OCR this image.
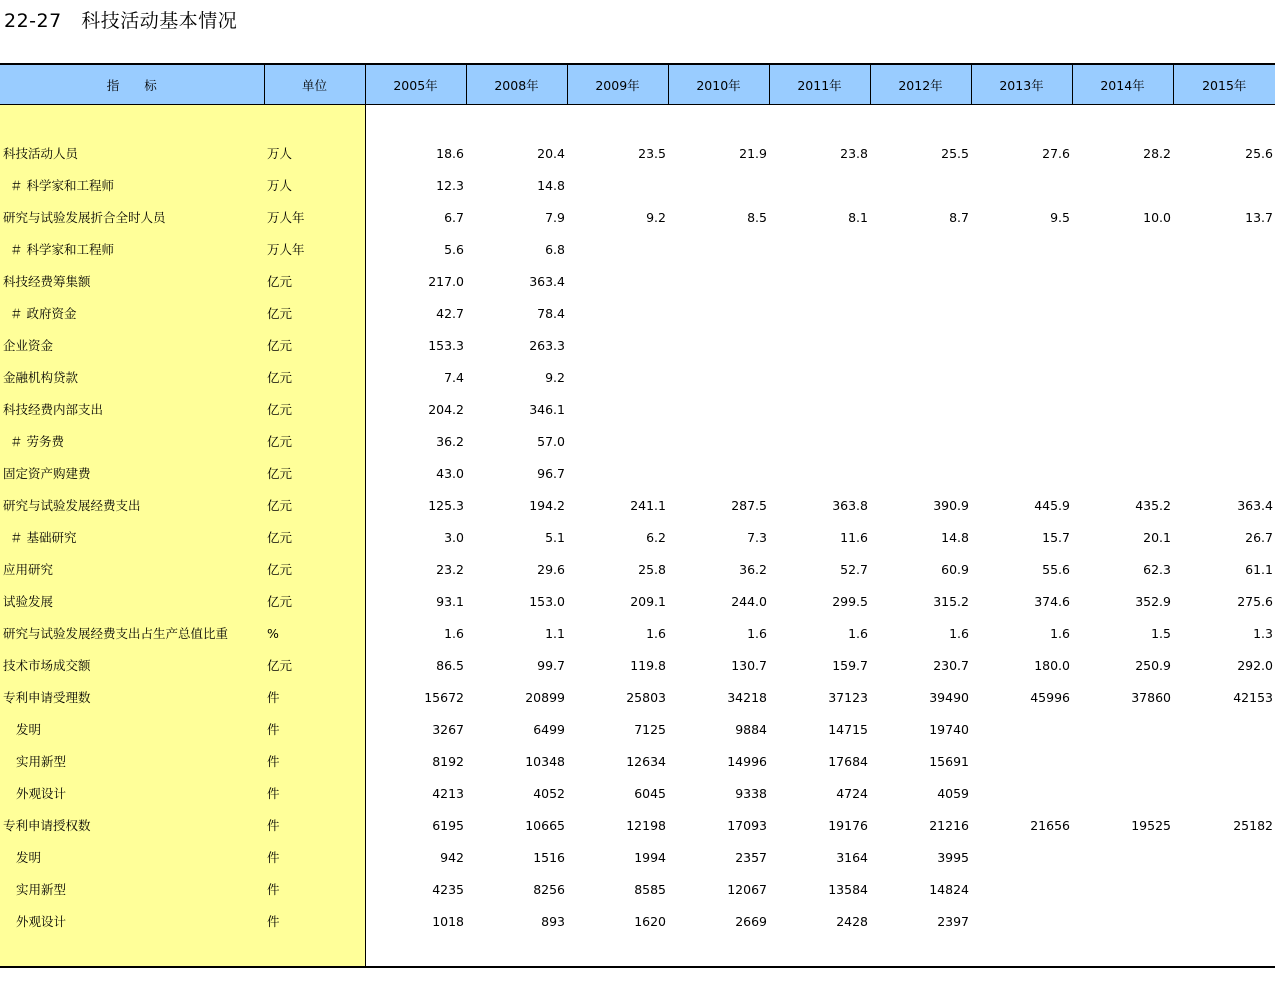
22-27　科技活动基本情况
指　　标	单位	2005年	2008年	2009年	2010年	2011年	2012年	2013年	2014年	2015年

科技活动人员	万人	18.6	20.4	23.5	21.9	23.8	25.5	27.6	28.2	25.6
＃ 科学家和工程师	万人	12.3	14.8							
研究与试验发展折合全时人员	万人年	6.7	7.9	9.2	8.5	8.1	8.7	9.5	10.0	13.7
＃ 科学家和工程师	万人年	5.6	6.8							
科技经费筹集额	亿元	217.0	363.4							
＃ 政府资金	亿元	42.7	78.4							
企业资金	亿元	153.3	263.3							
金融机构贷款	亿元	7.4	9.2							
科技经费内部支出	亿元	204.2	346.1							
＃ 劳务费	亿元	36.2	57.0							
固定资产购建费	亿元	43.0	96.7							
研究与试验发展经费支出	亿元	125.3	194.2	241.1	287.5	363.8	390.9	445.9	435.2	363.4
＃ 基础研究	亿元	3.0	5.1	6.2	7.3	11.6	14.8	15.7	20.1	26.7
应用研究	亿元	23.2	29.6	25.8	36.2	52.7	60.9	55.6	62.3	61.1
试验发展	亿元	93.1	153.0	209.1	244.0	299.5	315.2	374.6	352.9	275.6
研究与试验发展经费支出占生产总值比重	%	1.6	1.1	1.6	1.6	1.6	1.6	1.6	1.5	1.3
技术市场成交额	亿元	86.5	99.7	119.8	130.7	159.7	230.7	180.0	250.9	292.0
专利申请受理数	件	15672	20899	25803	34218	37123	39490	45996	37860	42153
发明	件	3267	6499	7125	9884	14715	19740			
实用新型	件	8192	10348	12634	14996	17684	15691			
外观设计	件	4213	4052	6045	9338	4724	4059			
专利申请授权数	件	6195	10665	12198	17093	19176	21216	21656	19525	25182
发明	件	942	1516	1994	2357	3164	3995			
实用新型	件	4235	8256	8585	12067	13584	14824			
外观设计	件	1018	893	1620	2669	2428	2397			
